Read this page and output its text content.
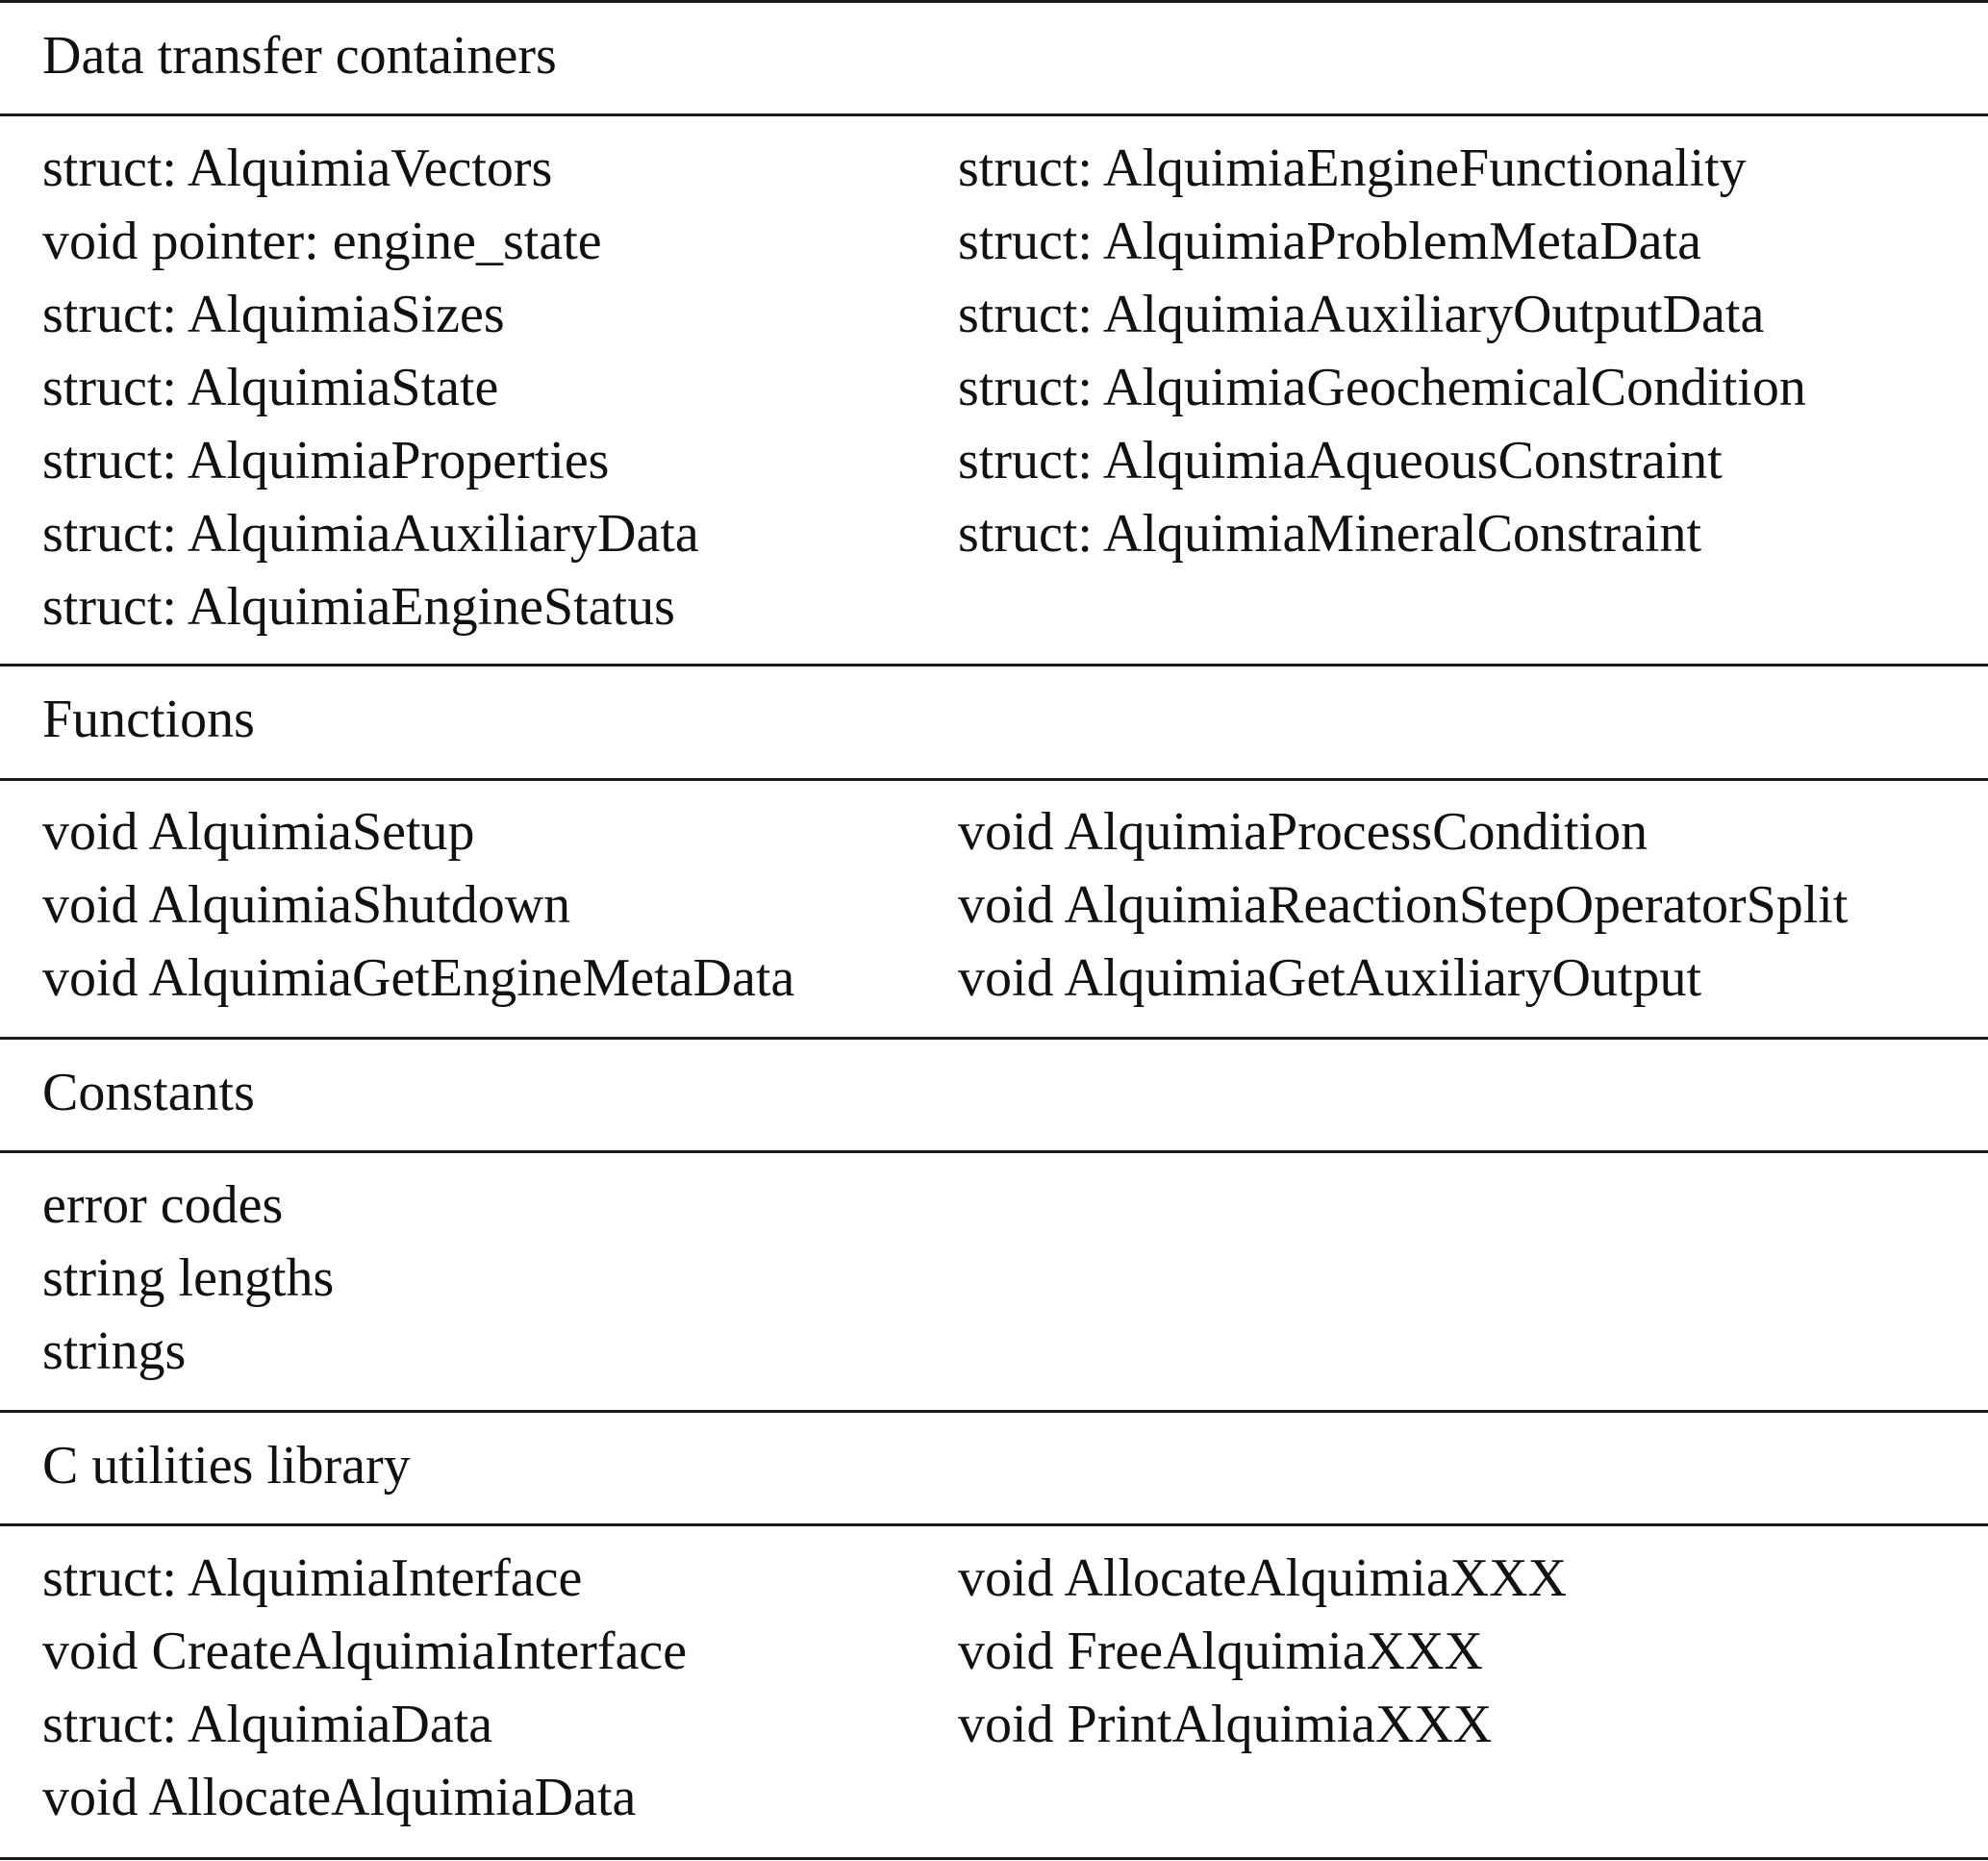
Data transfer containers
struct: AlquimiaVectors
void pointer: engine_state
struct: AlquimiaSizes
struct: AlquimiaState
struct: AlquimiaProperties
struct: AlquimiaAuxiliaryData
struct: AlquimiaEngineStatus
struct: AlquimiaEngineFunctionality
struct: AlquimiaProblemMetaData
struct: AlquimiaAuxiliaryOutputData
struct: AlquimiaGeochemicalCondition
struct: AlquimiaAqueousConstraint
struct: AlquimiaMineralConstraint
Functions
void AlquimiaSetup
void AlquimiaShutdown
void AlquimiaGetEngineMetaData
void AlquimiaProcessCondition
void AlquimiaReactionStepOperatorSplit
void AlquimiaGetAuxiliaryOutput
Constants
error codes
string lengths
strings
C utilities library
struct: AlquimiaInterface
void CreateAlquimiaInterface
struct: AlquimiaData
void AllocateAlquimiaData
void AllocateAlquimiaXXX
void FreeAlquimiaXXX
void PrintAlquimiaXXX
